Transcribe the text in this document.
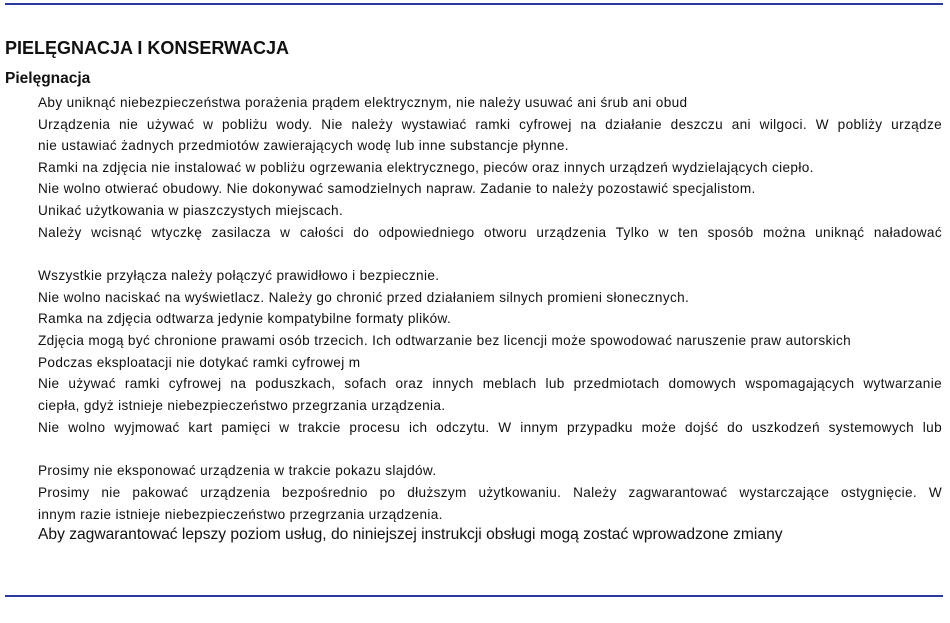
PIELĘGNACJA I KONSERWACJA
Pielęgnacja
Aby uniknąć niebezpieczeństwa porażenia prądem elektrycznym, nie należy usuwać ani śrub ani obud
Urządzenia nie używać w pobliżu wody. Nie należy wystawiać ramki cyfrowej na działanie deszczu ani wilgoci. W pobliży urządze
nie ustawiać żadnych przedmiotów zawierających wodę lub inne substancje płynne.
Ramki na zdjęcia nie instalować w pobliżu ogrzewania elektrycznego, pieców oraz innych urządzeń wydzielających ciepło.
Nie wolno otwierać obudowy. Nie dokonywać samodzielnych napraw. Zadanie to należy pozostawić specjalistom.
Unikać użytkowania w piaszczystych miejscach.
Należy wcisnąć wtyczkę zasilacza w całości do odpowiedniego otworu urządzenia Tylko w ten sposób można uniknąć naładować
Wszystkie przyłącza należy połączyć prawidłowo i bezpiecznie.
Nie wolno naciskać na wyświetlacz. Należy go chronić przed działaniem silnych promieni słonecznych.
Ramka na zdjęcia odtwarza jedynie kompatybilne formaty plików.
Zdjęcia mogą być chronione prawami osób trzecich. Ich odtwarzanie bez licencji może spowodować naruszenie praw autorskich
Podczas eksploatacji nie dotykać ramki cyfrowej m
Nie używać ramki cyfrowej na poduszkach, sofach oraz innych meblach lub przedmiotach domowych wspomagających wytwarzanie
ciepła, gdyż istnieje niebezpieczeństwo przegrzania urządzenia.
Nie wolno wyjmować kart pamięci w trakcie procesu ich odczytu. W innym przypadku może dojść do uszkodzeń systemowych lub
Prosimy nie eksponować urządzenia w trakcie pokazu slajdów.
Prosimy nie pakować urządzenia bezpośrednio po dłuższym użytkowaniu. Należy zagwarantować wystarczające ostygnięcie. W
innym razie istnieje niebezpieczeństwo przegrzania urządzenia.
Aby zagwarantować lepszy poziom usług, do niniejszej instrukcji obsługi mogą zostać wprowadzone zmiany
